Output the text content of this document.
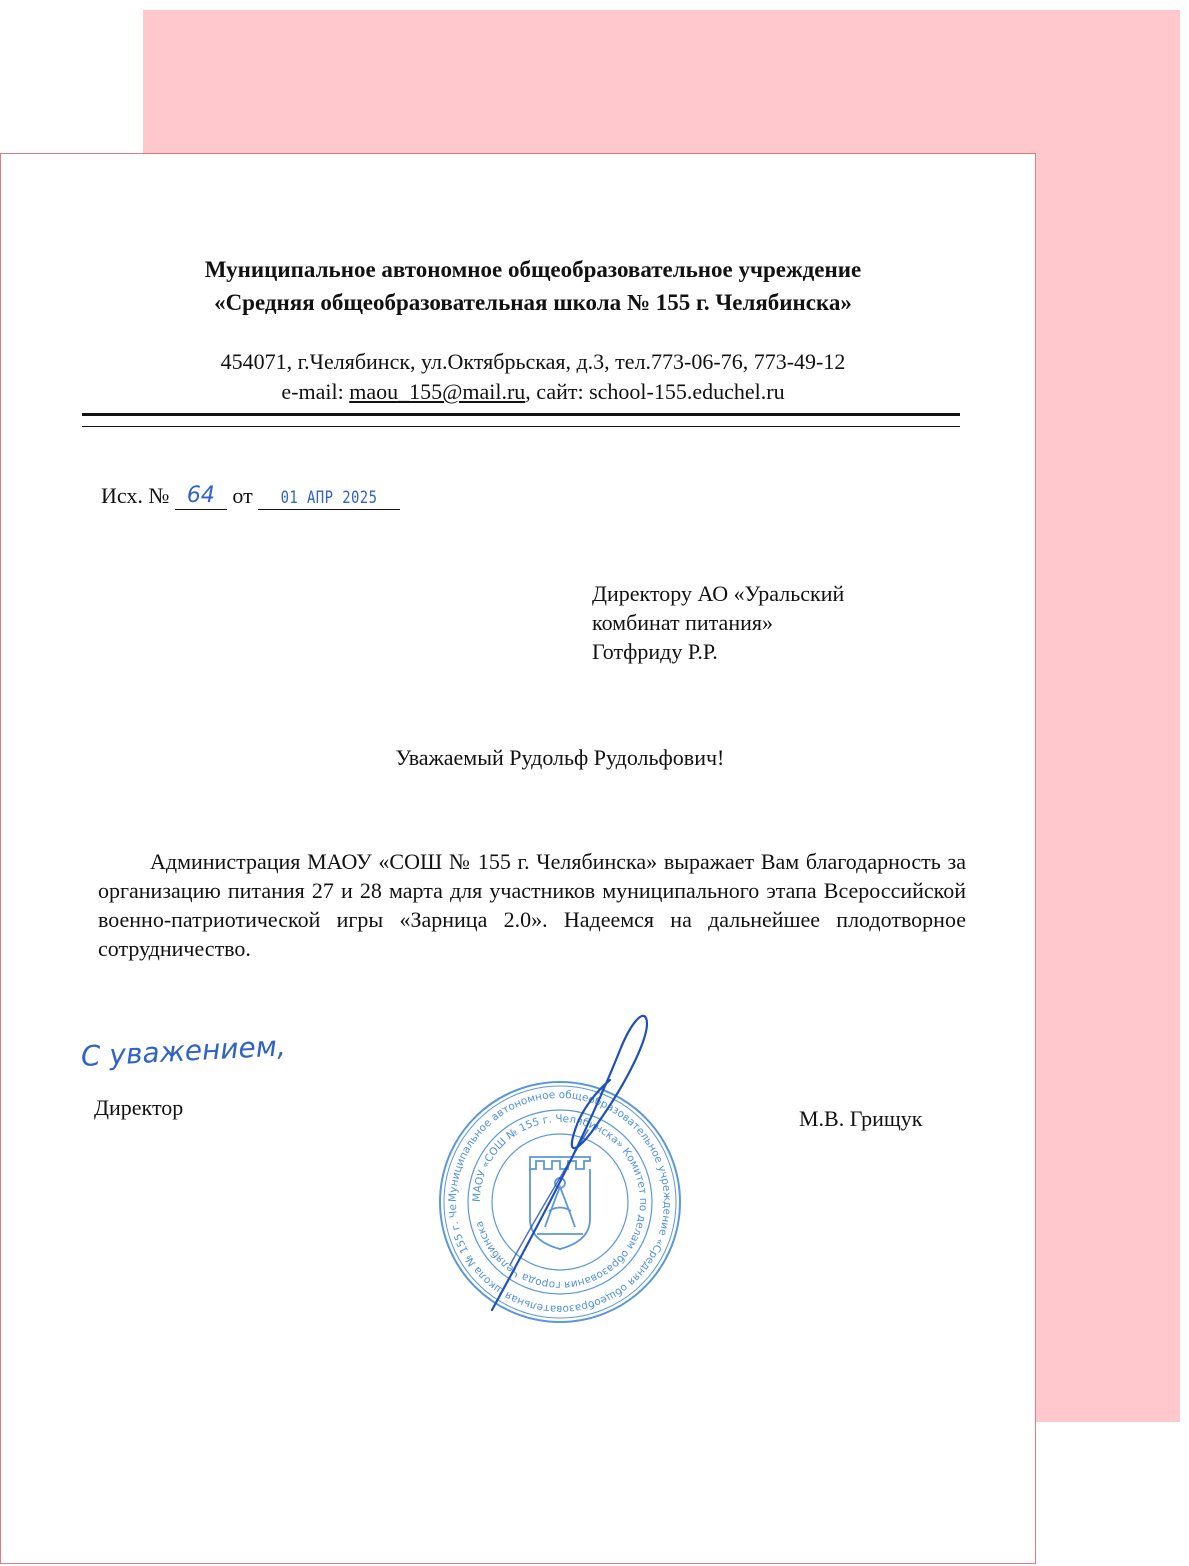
Муниципальное автономное общеобразовательное учреждение
«Средняя общеобразовательная школа № 155 г. Челябинска»
454071, г.Челябинск, ул.Октябрьская, д.3, тел.773-06-76, 773-49-12
e-mail: maou_155@mail.ru, сайт: school-155.educhel.ru
Исх. № 64 от	01 АПР 2025
Директору АО «Уральский
комбинат питания»
Готфриду Р.Р.
Уважаемый Рудольф Рудольфович!
Администрация МАОУ «СОШ № 155 г. Челябинска» выражает Вам благодарность за организацию питания 27 и 28 марта для участников муниципального этапа Всероссийской военно-патриотической игры «Зарница 2.0». Надеемся на дальнейшее плодотворное сотрудничество.
С уважением,
Директор	М.В. Грищук
Муниципальное автономное общеобразовательное учреждение «Средняя общеобразовательная школа № 155 г. Че
МАОУ «СОШ № 155 г. Челябинска» Комитет по делам образования города Челябинска
